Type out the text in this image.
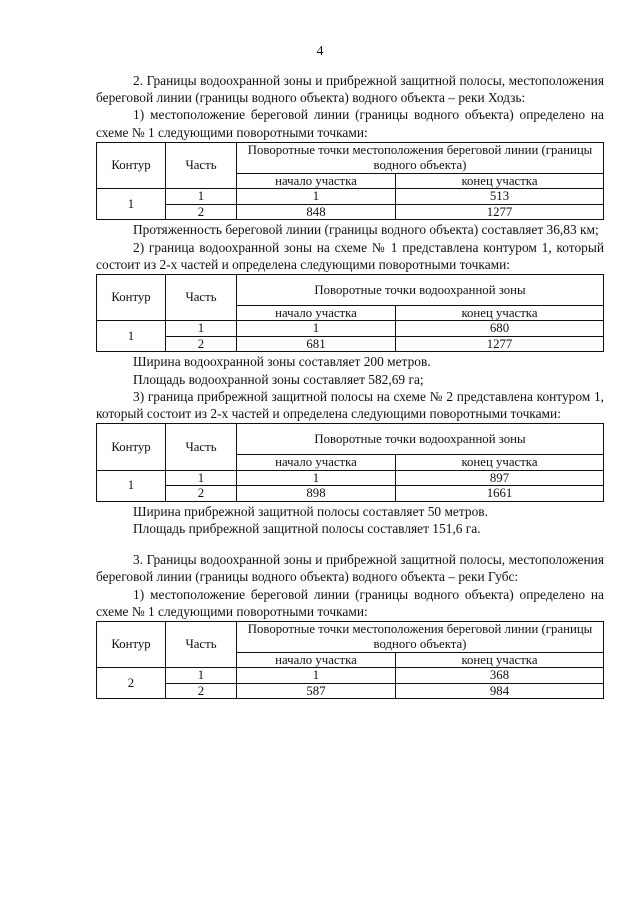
4

2. Границы водоохранной зоны и прибрежной защитной полосы, местоположения береговой линии (границы водного объекта) водного объекта – реки Ходзь:

1) местоположение береговой линии (границы водного объекта) определено на схеме № 1 следующими поворотными точками:

Контур	Часть	Поворотные точки местоположения береговой линии (границы водного объекта)	
		начало участка	конец участка
1	1	1	513
	2	848	1277

Протяженность береговой линии (границы водного объекта) составляет 36,83 км;

2) граница водоохранной зоны на схеме № 1 представлена контуром 1, который состоит из 2-х частей и определена следующими поворотными точками:

Контур	Часть	Поворотные точки водоохранной зоны	
		начало участка	конец участка
1	1	1	680
	2	681	1277

Ширина водоохранной зоны составляет 200 метров.

Площадь водоохранной зоны составляет 582,69 га;

3) граница прибрежной защитной полосы на схеме № 2 представлена контуром 1, который состоит из 2-х частей и определена следующими поворотными точками:

Контур	Часть	Поворотные точки водоохранной зоны	
		начало участка	конец участка
1	1	1	897
	2	898	1661

Ширина прибрежной защитной полосы составляет 50 метров.

Площадь прибрежной защитной полосы составляет 151,6 га.

3. Границы водоохранной зоны и прибрежной защитной полосы, местоположения береговой линии (границы водного объекта) водного объекта – реки Губс:

1) местоположение береговой линии (границы водного объекта) определено на схеме № 1 следующими поворотными точками:

Контур	Часть	Поворотные точки местоположения береговой линии (границы водного объекта)	
		начало участка	конец участка
2	1	1	368
	2	587	984
